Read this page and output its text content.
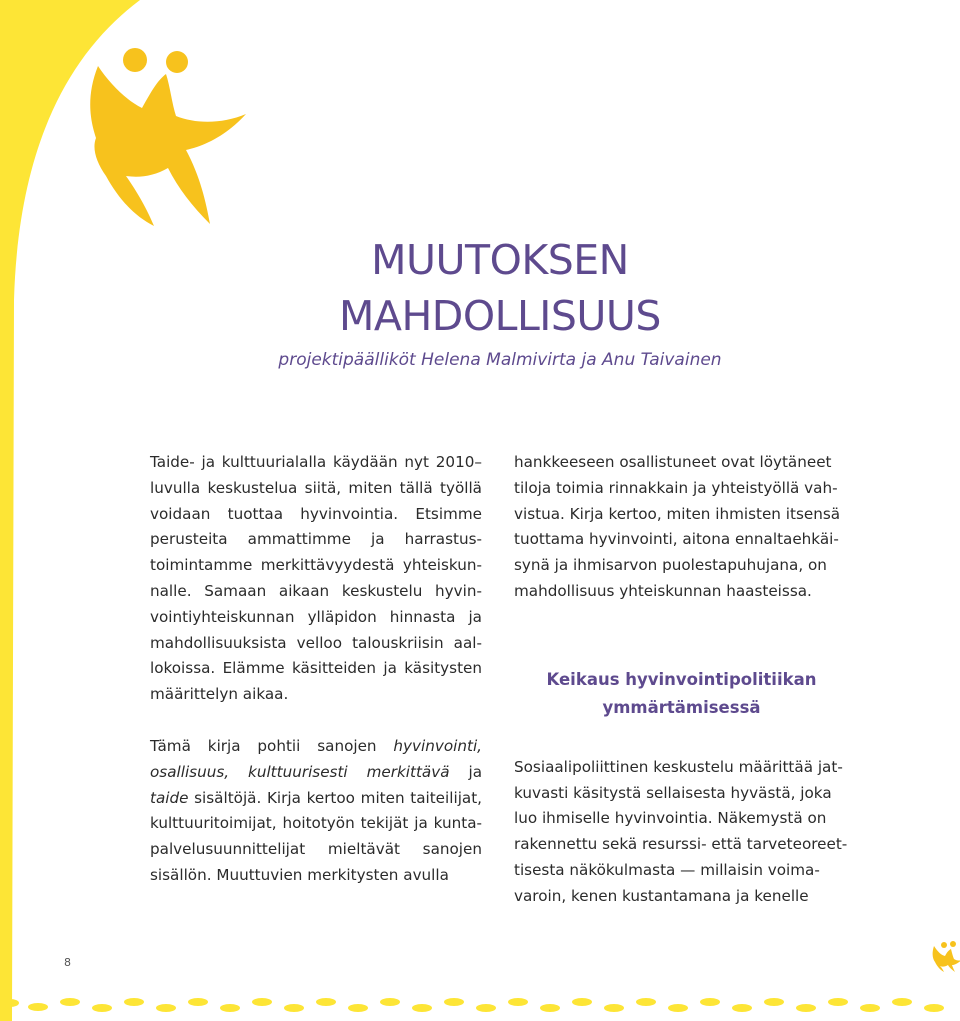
MUUTOKSEN
MAHDOLLISUUS
projektipäälliköt Helena Malmivirta ja Anu Taivainen

Taide- ja kulttuurialalla käydään nyt 2010–luvulla keskustelua siitä, miten tällä työllä voidaan tuottaa hyvinvointia. Etsimme perusteita ammattimme ja harrastustoimintamme merkittävyydestä yhteiskunnalle. Samaan aikaan keskustelu hyvinvointiyhteiskunnan ylläpidon hinnasta ja mahdollisuuksista velloo talouskriisin aallokoissa. Elämme käsitteiden ja käsitysten määrittelyn aikaa.

Tämä kirja pohtii sanojen hyvinvointi, osallisuus, kulttuurisesti merkittävä ja taide sisältöjä. Kirja kertoo miten taiteilijat, kulttuuritoimijat, hoitotyön tekijät ja kuntapalvelusuunnittelijat mieltävät sanojen sisällön. Muuttuvien merkitysten avulla

hankkeeseen osallistuneet ovat löytäneet tiloja toimia rinnakkain ja yhteistyöllä vahvistua. Kirja kertoo, miten ihmisten itsensä tuottama hyvinvointi, aitona ennaltaehkäisynä ja ihmisarvon puolestapuhujana, on mahdollisuus yhteiskunnan haasteissa.

Keikaus hyvinvointipolitiikan
ymmärtämisessä

Sosiaalipoliittinen keskustelu määrittää jatkuvasti käsitystä sellaisesta hyvästä, joka luo ihmiselle hyvinvointia. Näkemystä on rakennettu sekä resurssi- että tarveteoreettisesta näkökulmasta — millaisin voimavaroin, kenen kustantamana ja kenelle

8
